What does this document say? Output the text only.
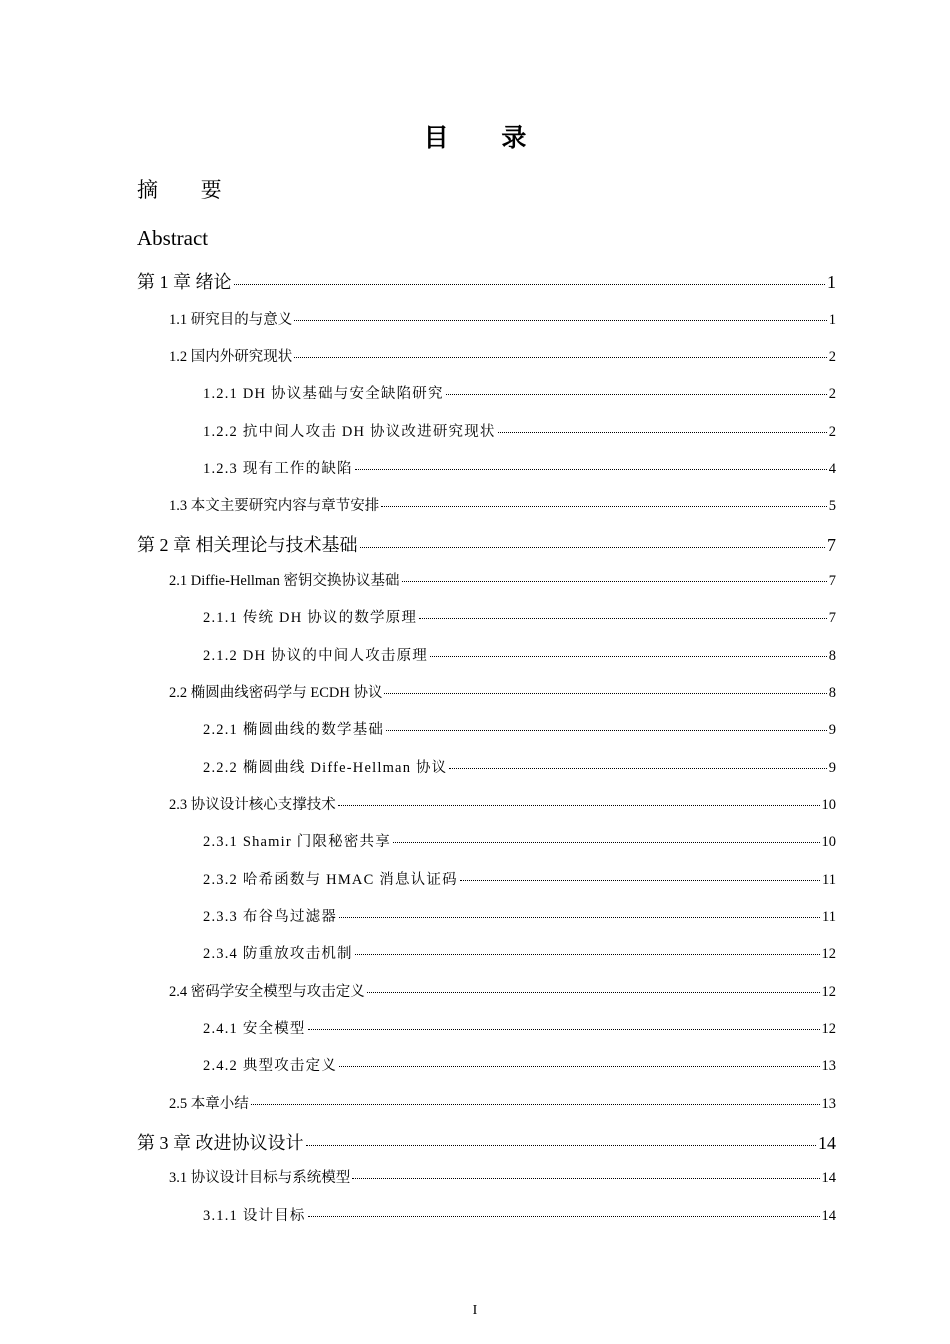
目 录
摘 要
Abstract
第 1 章 绪论	1
1.1 研究目的与意义	1
1.2 国内外研究现状	2
1.2.1 DH 协议基础与安全缺陷研究	2
1.2.2 抗中间人攻击 DH 协议改进研究现状	2
1.2.3 现有工作的缺陷	4
1.3 本文主要研究内容与章节安排	5
第 2 章 相关理论与技术基础	7
2.1 Diffie-Hellman 密钥交换协议基础	7
2.1.1 传统 DH 协议的数学原理	7
2.1.2 DH 协议的中间人攻击原理	8
2.2 椭圆曲线密码学与 ECDH 协议	8
2.2.1 椭圆曲线的数学基础	9
2.2.2 椭圆曲线 Diffe-Hellman 协议	9
2.3 协议设计核心支撑技术	10
2.3.1 Shamir 门限秘密共享	10
2.3.2 哈希函数与 HMAC 消息认证码	11
2.3.3 布谷鸟过滤器	11
2.3.4 防重放攻击机制	12
2.4 密码学安全模型与攻击定义	12
2.4.1 安全模型	12
2.4.2 典型攻击定义	13
2.5 本章小结	13
第 3 章 改进协议设计	14
3.1 协议设计目标与系统模型	14
3.1.1 设计目标	14
I
